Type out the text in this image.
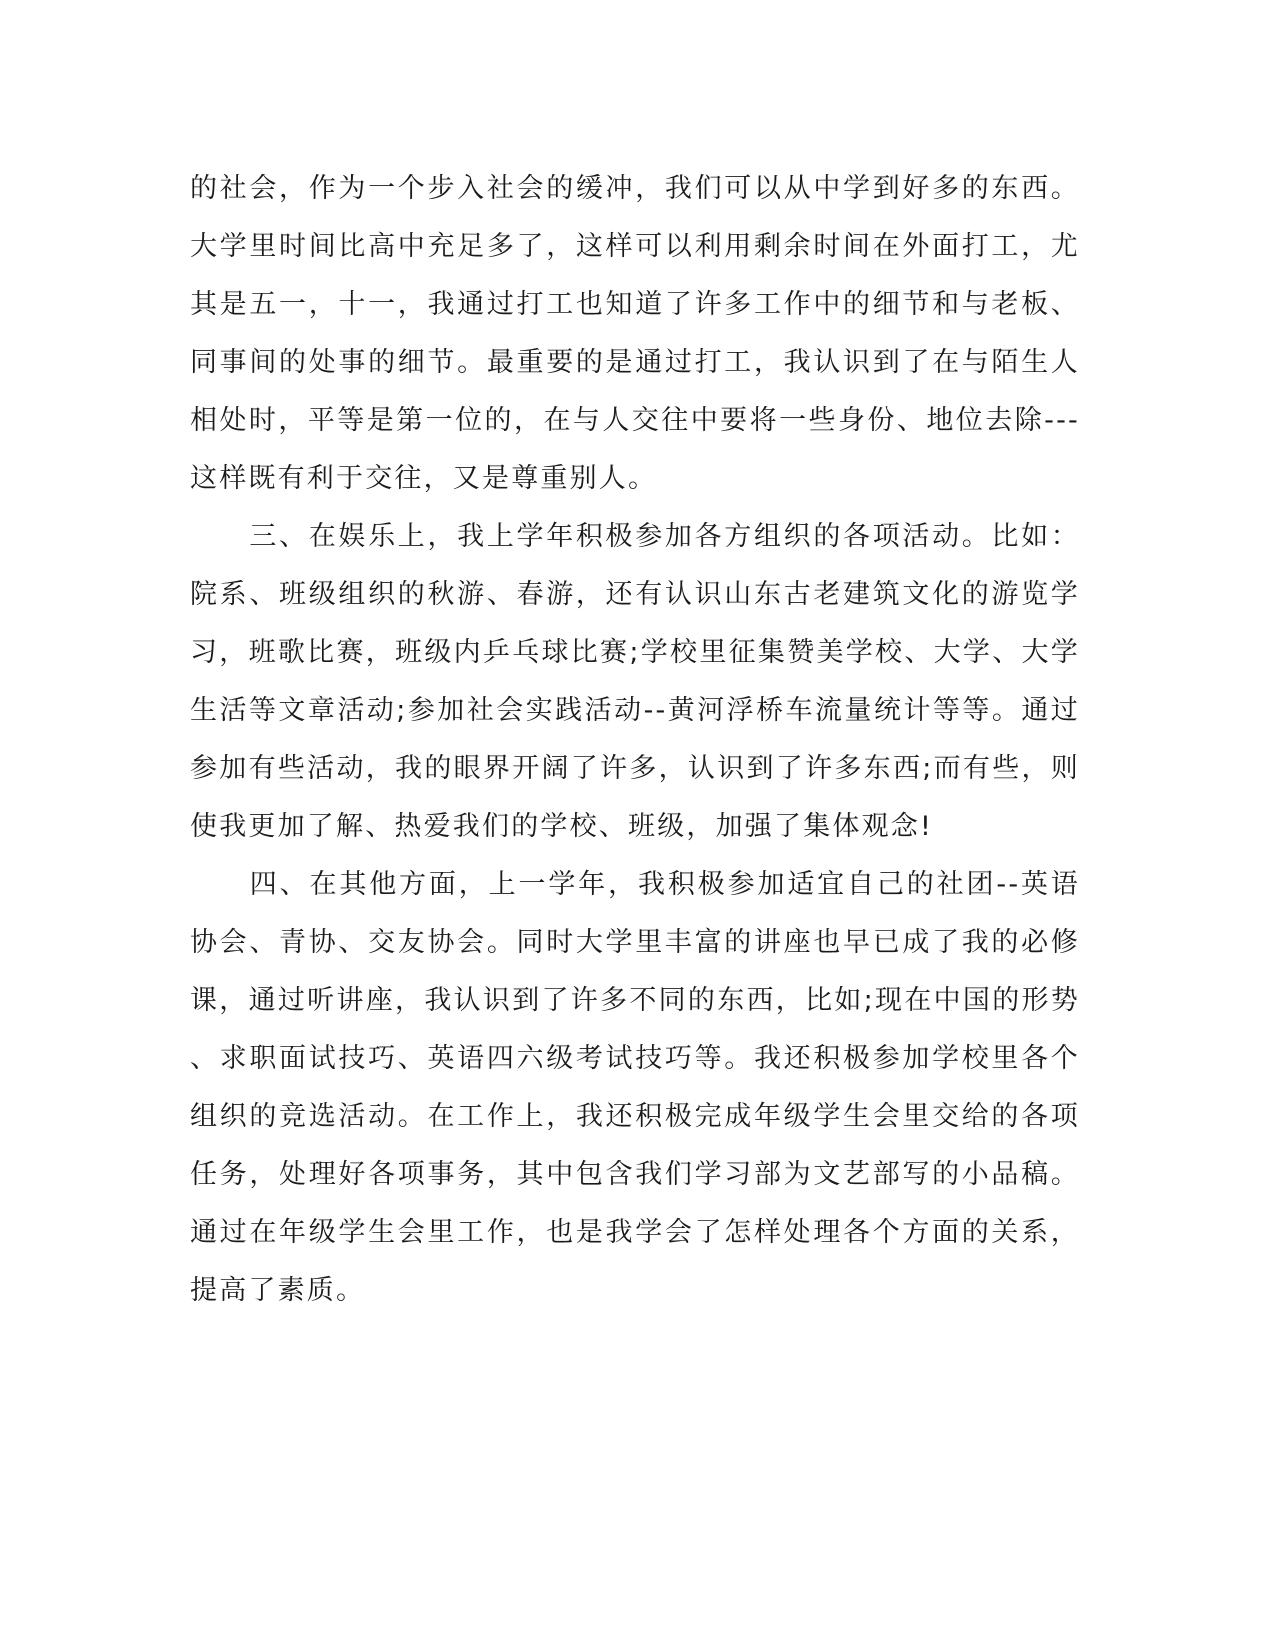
的社会，作为一个步入社会的缓冲，我们可以从中学到好多的东西。
大学里时间比高中充足多了，这样可以利用剩余时间在外面打工，尤
其是五一，十一，我通过打工也知道了许多工作中的细节和与老板、
同事间的处事的细节。最重要的是通过打工，我认识到了在与陌生人
相处时，平等是第一位的，在与人交往中要将一些身份、地位去除---
这样既有利于交往，又是尊重别人。
　　三、在娱乐上，我上学年积极参加各方组织的各项活动。比如：
院系、班级组织的秋游、春游，还有认识山东古老建筑文化的游览学
习，班歌比赛，班级内乒乓球比赛;学校里征集赞美学校、大学、大学
生活等文章活动;参加社会实践活动--黄河浮桥车流量统计等等。通过
参加有些活动，我的眼界开阔了许多，认识到了许多东西;而有些，则
使我更加了解、热爱我们的学校、班级，加强了集体观念!
　　四、在其他方面，上一学年，我积极参加适宜自己的社团--英语
协会、青协、交友协会。同时大学里丰富的讲座也早已成了我的必修
课，通过听讲座，我认识到了许多不同的东西，比如;现在中国的形势
、求职面试技巧、英语四六级考试技巧等。我还积极参加学校里各个
组织的竞选活动。在工作上，我还积极完成年级学生会里交给的各项
任务，处理好各项事务，其中包含我们学习部为文艺部写的小品稿。
通过在年级学生会里工作，也是我学会了怎样处理各个方面的关系，
提高了素质。
